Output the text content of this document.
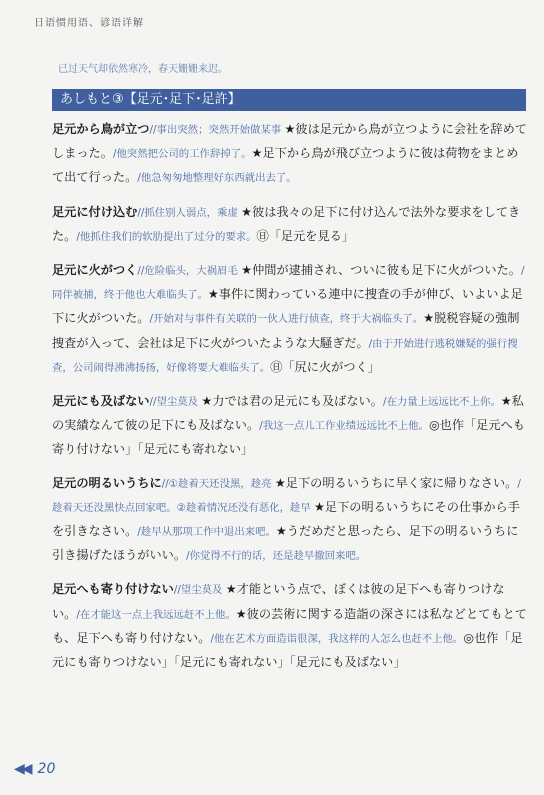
日语惯用语、谚语详解
已过天气却依然寒冷，春天姗姗来迟。
あしもと③【足元･足下･足許】

足元から鳥が立つ//事出突然；突然开始做某事 ★彼は足元から鳥が立つように会社を辞めてしまった。/他突然把公司的工作辞掉了。★足下から鳥が飛び立つように彼は荷物をまとめて出て行った。/他急匆匆地整理好东西就出去了。

足元に付け込む//抓住别人弱点，乘虚 ★彼は我々の足下に付け込んで法外な要求をしてきた。/他抓住我们的软肋提出了过分的要求。㊐「足元を見る」

足元に火がつく//危险临头，大祸眉毛 ★仲間が逮捕され、ついに彼も足下に火がついた。/同伴被捕，终于他也大难临头了。★事件に関わっている連中に捜査の手が伸び、いよいよ足下に火がついた。/开始对与事件有关联的一伙人进行侦查，终于大祸临头了。★脱税容疑の強制捜査が入って、会社は足下に火がついたような大騒ぎだ。/由于开始进行逃税嫌疑的强行搜查，公司闹得沸沸扬扬，好像将要大难临头了。㊐「尻に火がつく」

足元にも及ばない//望尘莫及 ★力では君の足元にも及ばない。/在力量上远远比不上你。★私の実績なんて彼の足下にも及ばない。/我这一点儿工作业绩远远比不上他。◎也作「足元へも寄り付けない」「足元にも寄れない」

足元の明るいうちに//①趁着天还没黑，趁亮 ★足下の明るいうちに早く家に帰りなさい。/趁着天还没黑快点回家吧。②趁着情况还没有恶化，趁早 ★足下の明るいうちにその仕事から手を引きなさい。/趁早从那项工作中退出来吧。★うだめだと思ったら、足下の明るいうちに引き揚げたほうがいい。/你觉得不行的话，还是趁早撤回来吧。

足元へも寄り付けない//望尘莫及 ★才能という点で、ぼくは彼の足下へも寄りつけない。/在才能这一点上我远远赶不上他。★彼の芸術に関する造詣の深さには私などとてもとても、足下へも寄り付けない。/他在艺术方面造诣很深，我这样的人怎么也赶不上他。◎也作「足元にも寄りつけない」「足元にも寄れない」「足元にも及ばない」

◀◀ 20
